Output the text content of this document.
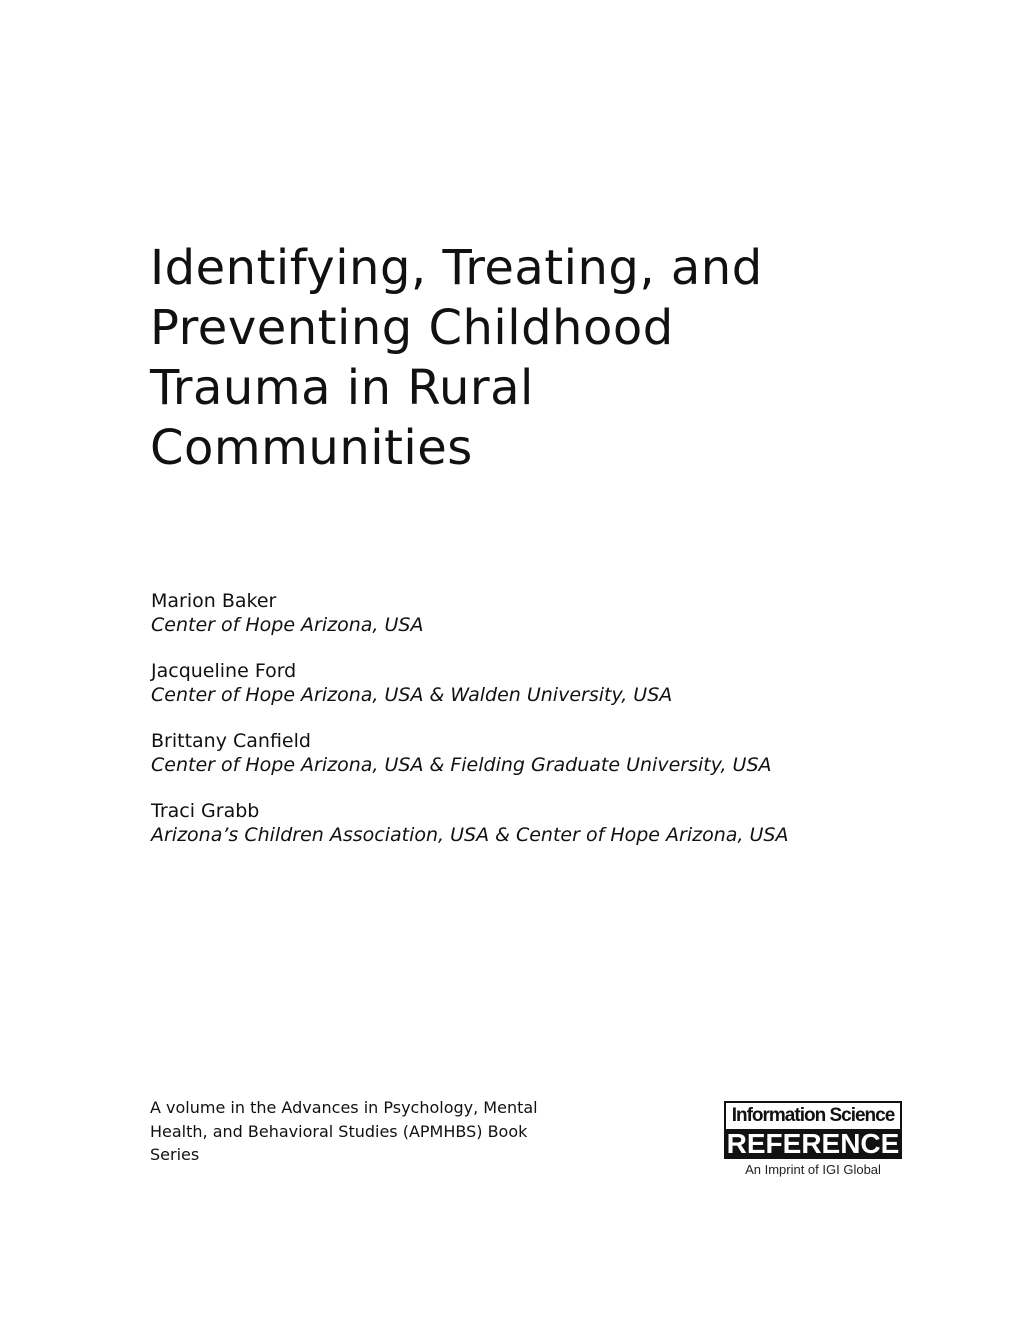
Identifying, Treating, and
Preventing Childhood
Trauma in Rural
Communities
Marion Baker
Center of Hope Arizona, USA
Jacqueline Ford
Center of Hope Arizona, USA & Walden University, USA
Brittany Canfield
Center of Hope Arizona, USA & Fielding Graduate University, USA
Traci Grabb
Arizona’s Children Association, USA & Center of Hope Arizona, USA
A volume in the Advances in Psychology, Mental
Health, and Behavioral Studies (APMHBS) Book
Series
Information Science
REFERENCE
An Imprint of IGI Global
